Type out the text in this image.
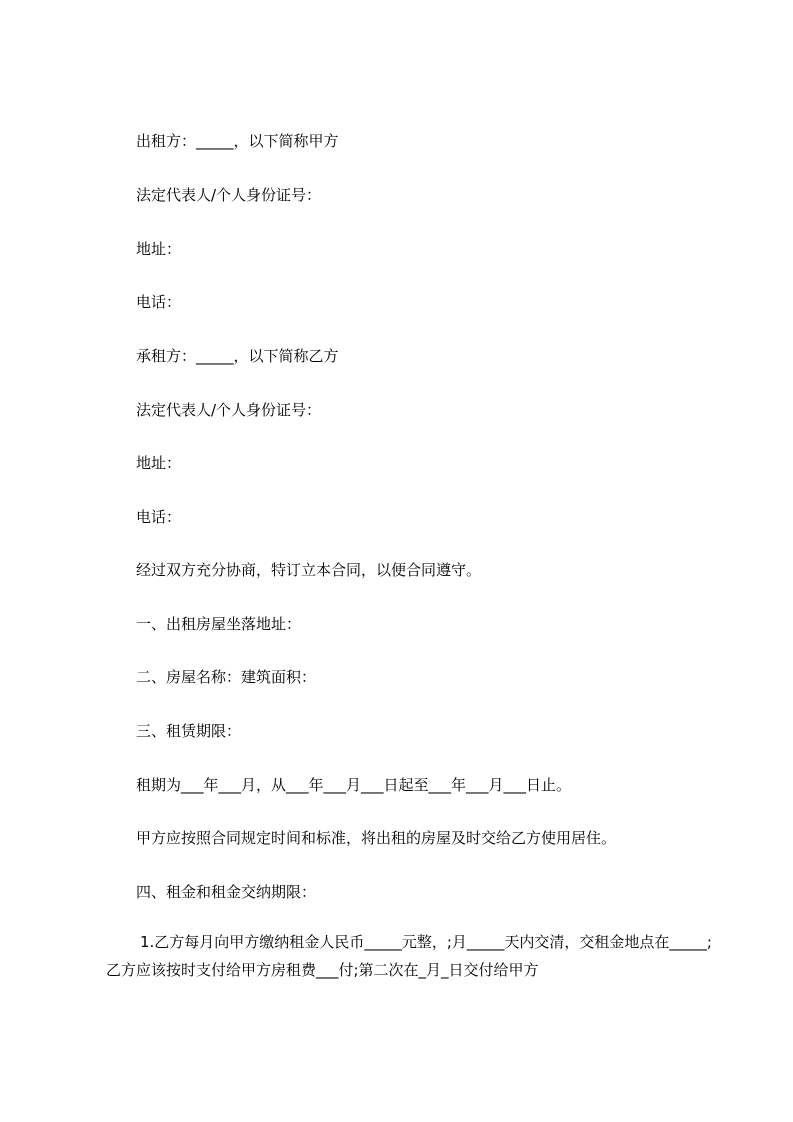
出租方：_____，以下简称甲方
法定代表人/个人身份证号：
地址：
电话：
承租方：_____，以下简称乙方
法定代表人/个人身份证号：
地址：
电话：
经过双方充分协商，特订立本合同，以便合同遵守。
一、出租房屋坐落地址：
二、房屋名称：建筑面积：
三、租赁期限：
租期为___年___月，从___年___月___日起至___年___月___日止。
甲方应按照合同规定时间和标准，将出租的房屋及时交给乙方使用居住。
四、租金和租金交纳期限：
1.乙方每月向甲方缴纳租金人民币_____元整，;月_____天内交清，交租金地点在_____;乙方应该按时支付给甲方房租费___付;第二次在_月_日交付给甲方
